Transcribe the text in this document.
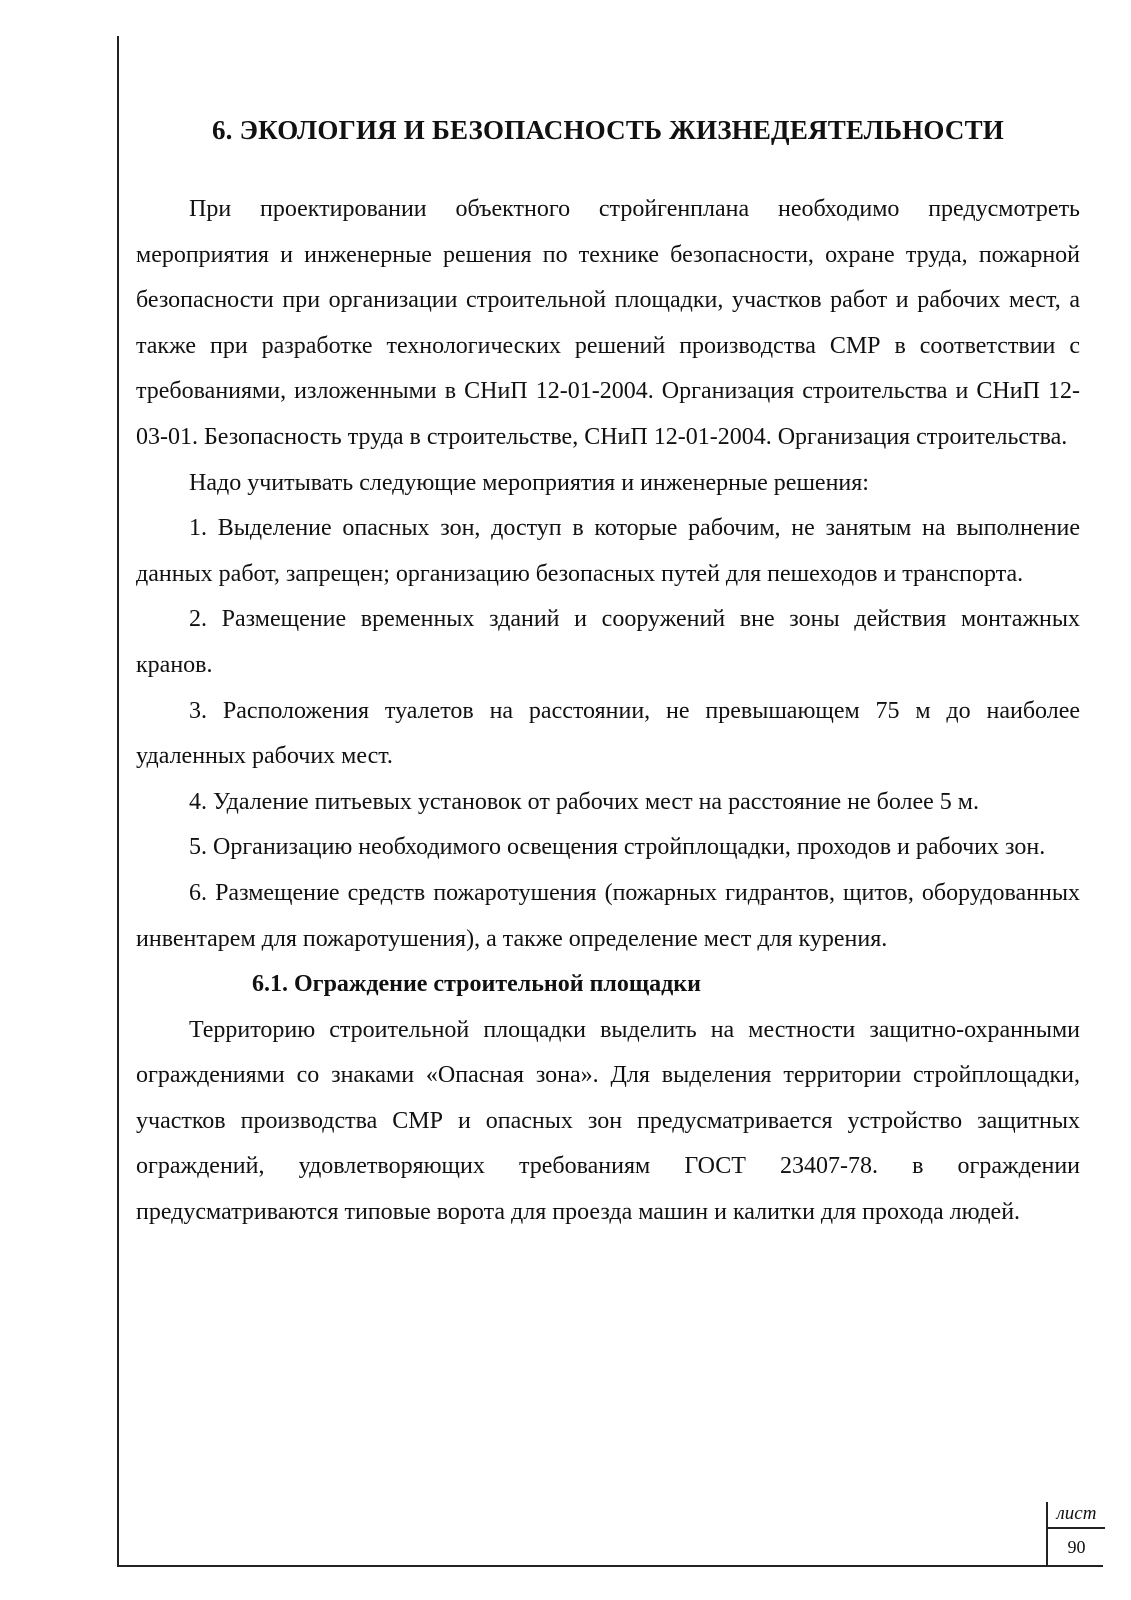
6. ЭКОЛОГИЯ И БЕЗОПАСНОСТЬ ЖИЗНЕДЕЯТЕЛЬНОСТИ

При проектировании объектного стройгенплана необходимо предусмотреть мероприятия и инженерные решения по технике безопасности, охране труда, пожарной безопасности при организации строительной площадки, участков работ и рабочих мест, а также при разработке технологических решений производства СМР в соответствии с требованиями, изложенными в СНиП 12-01-2004. Организация строительства и СНиП 12-03-01. Безопасность труда в строительстве, СНиП 12-01-2004. Организация строительства.

Надо учитывать следующие мероприятия и инженерные решения:

1. Выделение опасных зон, доступ в которые рабочим, не занятым на выполнение данных работ, запрещен; организацию безопасных путей для пешеходов и транспорта.

2. Размещение временных зданий и сооружений вне зоны действия монтажных кранов.

3. Расположения туалетов на расстоянии, не превышающем 75 м до наиболее удаленных рабочих мест.

4. Удаление питьевых установок от рабочих мест на расстояние не более 5 м.

5. Организацию необходимого освещения стройплощадки, проходов и рабочих зон.

6. Размещение средств пожаротушения (пожарных гидрантов, щитов, оборудованных инвентарем для пожаротушения), а также определение мест для курения.

6.1. Ограждение строительной площадки

Территорию строительной площадки выделить на местности защитно-охранными ограждениями со знаками «Опасная зона». Для выделения территории стройплощадки, участков производства СМР и опасных зон предусматривается устройство защитных ограждений, удовлетворяющих требованиям ГОСТ 23407-78. в ограждении предусматриваются типовые ворота для проезда машин и калитки для прохода людей.

лист
90
